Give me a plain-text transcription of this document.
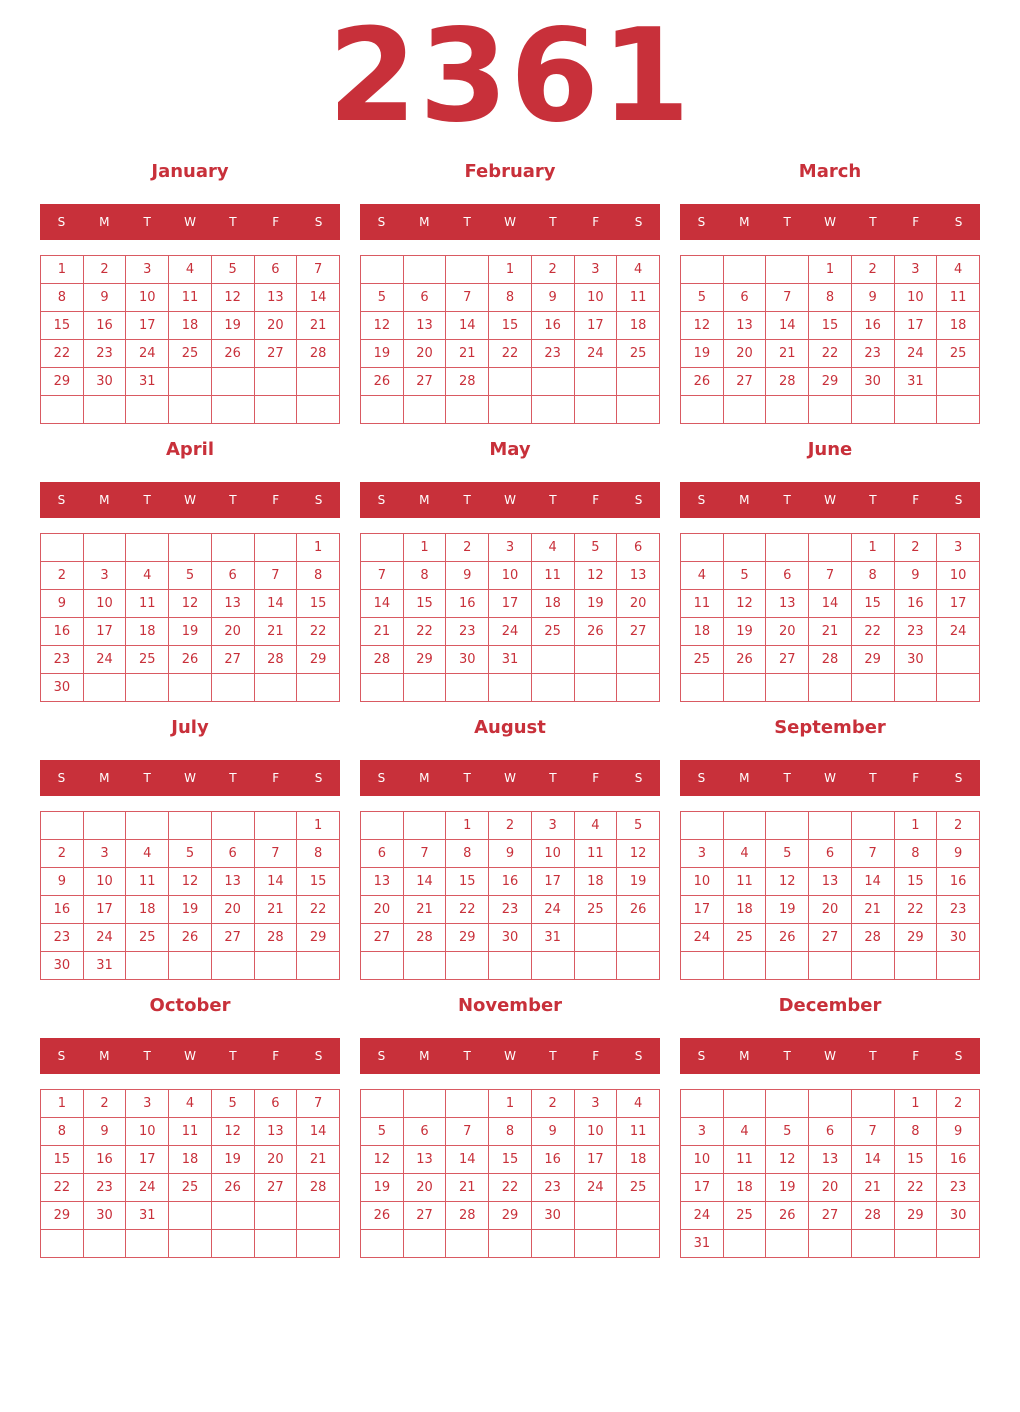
2361
January
S	M	T	W	T	F	S
1	2	3	4	5	6	7
8	9	10	11	12	13	14
15	16	17	18	19	20	21
22	23	24	25	26	27	28
29	30	31				

February
S	M	T	W	T	F	S
			1	2	3	4
5	6	7	8	9	10	11
12	13	14	15	16	17	18
19	20	21	22	23	24	25
26	27	28				

March
S	M	T	W	T	F	S
			1	2	3	4
5	6	7	8	9	10	11
12	13	14	15	16	17	18
19	20	21	22	23	24	25
26	27	28	29	30	31	

April
S	M	T	W	T	F	S
						1
2	3	4	5	6	7	8
9	10	11	12	13	14	15
16	17	18	19	20	21	22
23	24	25	26	27	28	29
30						
May
S	M	T	W	T	F	S
	1	2	3	4	5	6
7	8	9	10	11	12	13
14	15	16	17	18	19	20
21	22	23	24	25	26	27
28	29	30	31			

June
S	M	T	W	T	F	S
				1	2	3
4	5	6	7	8	9	10
11	12	13	14	15	16	17
18	19	20	21	22	23	24
25	26	27	28	29	30	

July
S	M	T	W	T	F	S
						1
2	3	4	5	6	7	8
9	10	11	12	13	14	15
16	17	18	19	20	21	22
23	24	25	26	27	28	29
30	31					
August
S	M	T	W	T	F	S
		1	2	3	4	5
6	7	8	9	10	11	12
13	14	15	16	17	18	19
20	21	22	23	24	25	26
27	28	29	30	31		

September
S	M	T	W	T	F	S
					1	2
3	4	5	6	7	8	9
10	11	12	13	14	15	16
17	18	19	20	21	22	23
24	25	26	27	28	29	30

October
S	M	T	W	T	F	S
1	2	3	4	5	6	7
8	9	10	11	12	13	14
15	16	17	18	19	20	21
22	23	24	25	26	27	28
29	30	31				

November
S	M	T	W	T	F	S
			1	2	3	4
5	6	7	8	9	10	11
12	13	14	15	16	17	18
19	20	21	22	23	24	25
26	27	28	29	30		

December
S	M	T	W	T	F	S
					1	2
3	4	5	6	7	8	9
10	11	12	13	14	15	16
17	18	19	20	21	22	23
24	25	26	27	28	29	30
31						
